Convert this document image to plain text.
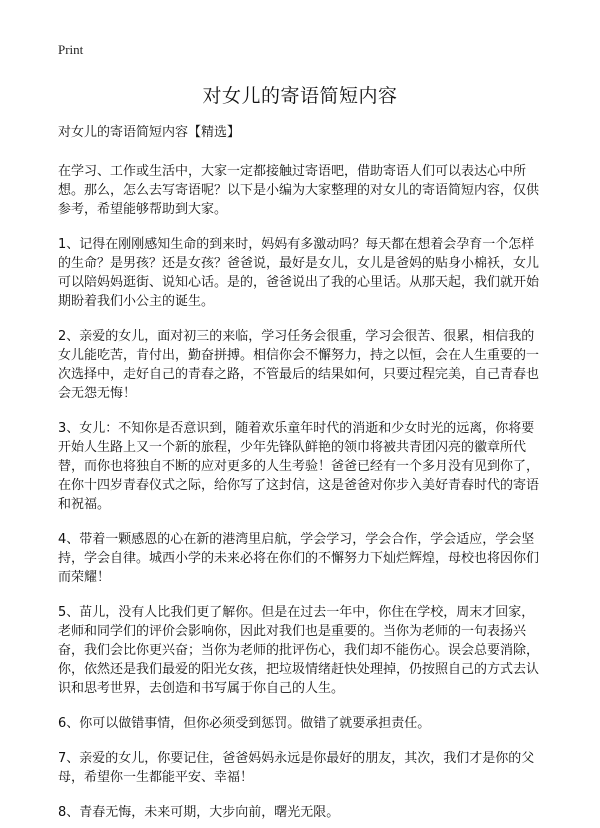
Print

对女儿的寄语简短内容

对女儿的寄语简短内容【精选】

在学习、工作或生活中，大家一定都接触过寄语吧，借助寄语人们可以表达心中所想。那么，怎么去写寄语呢？以下是小编为大家整理的对女儿的寄语简短内容，仅供参考，希望能够帮助到大家。

1、记得在刚刚感知生命的到来时，妈妈有多激动吗？每天都在想着会孕育一个怎样的生命？是男孩？还是女孩？爸爸说，最好是女儿，女儿是爸妈的贴身小棉袄，女儿可以陪妈妈逛街、说知心话。是的，爸爸说出了我的心里话。从那天起，我们就开始期盼着我们小公主的诞生。

2、亲爱的女儿，面对初三的来临，学习任务会很重，学习会很苦、很累，相信我的女儿能吃苦，肯付出，勤奋拼搏。相信你会不懈努力，持之以恒，会在人生重要的一次选择中，走好自己的青春之路，不管最后的结果如何，只要过程完美，自己青春也会无怨无悔！

3、女儿：不知你是否意识到，随着欢乐童年时代的消逝和少女时光的远离，你将要开始人生路上又一个新的旅程，少年先锋队鲜艳的领巾将被共青团闪亮的徽章所代替，而你也将独自不断的应对更多的人生考验！爸爸已经有一个多月没有见到你了，在你十四岁青春仪式之际，给你写了这封信，这是爸爸对你步入美好青春时代的寄语和祝福。

4、带着一颗感恩的心在新的港湾里启航，学会学习，学会合作，学会适应，学会坚持，学会自律。城西小学的未来必将在你们的不懈努力下灿烂辉煌，母校也将因你们而荣耀！

5、苗儿，没有人比我们更了解你。但是在过去一年中，你住在学校，周末才回家，老师和同学们的评价会影响你，因此对我们也是重要的。当你为老师的一句表扬兴奋，我们会比你更兴奋；当你为老师的批评伤心，我们却不能伤心。误会总要消除，你，依然还是我们最爱的阳光女孩，把垃圾情绪赶快处理掉，仍按照自己的方式去认识和思考世界，去创造和书写属于你自己的人生。

6、你可以做错事情，但你必须受到惩罚。做错了就要承担责任。

7、亲爱的女儿，你要记住，爸爸妈妈永远是你最好的朋友，其次，我们才是你的父母，希望你一生都能平安、幸福！

8、青春无悔，未来可期，大步向前，曙光无限。
